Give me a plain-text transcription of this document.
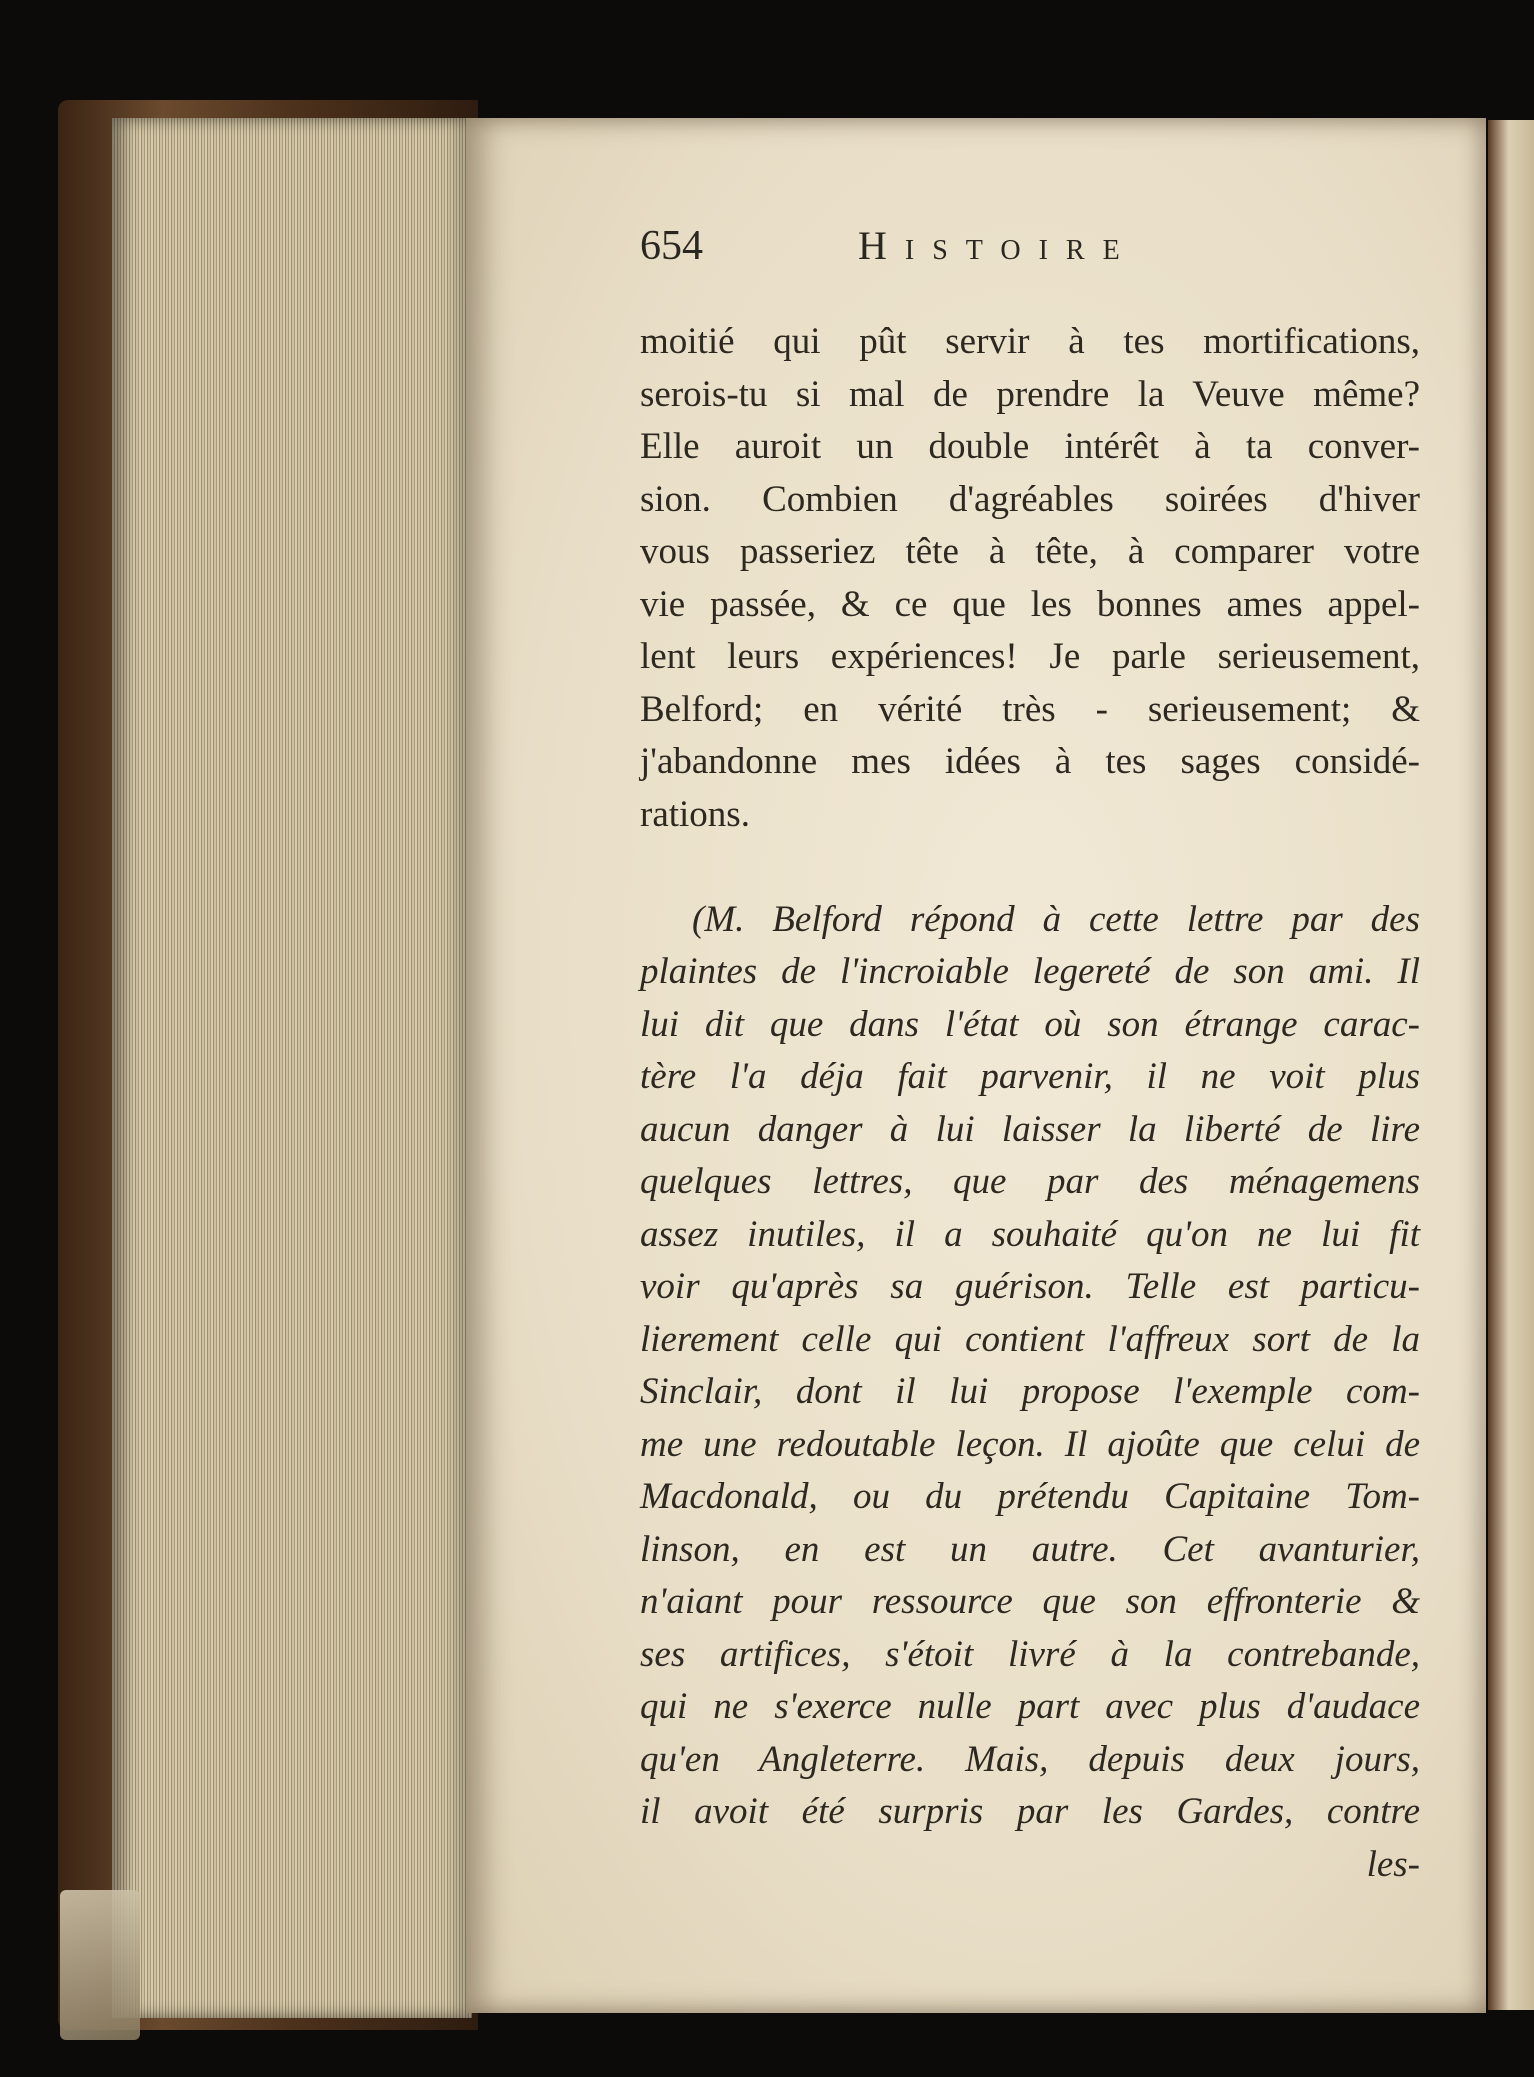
654	Histoire
moitié qui pût servir à tes mortifications,
serois-tu si mal de prendre la Veuve même?
Elle auroit un double intérêt à ta conver-
sion. Combien d'agréables soirées d'hiver
vous passeriez tête à tête, à comparer votre
vie passée, & ce que les bonnes ames appel-
lent leurs expériences! Je parle serieusement,
Belford; en vérité très - serieusement; &
j'abandonne mes idées à tes sages considé-
rations.
(M. Belford répond à cette lettre par des
plaintes de l'incroiable legereté de son ami. Il
lui dit que dans l'état où son étrange carac-
tère l'a déja fait parvenir, il ne voit plus
aucun danger à lui laisser la liberté de lire
quelques lettres, que par des ménagemens
assez inutiles, il a souhaité qu'on ne lui fit
voir qu'après sa guérison. Telle est particu-
lierement celle qui contient l'affreux sort de la
Sinclair, dont il lui propose l'exemple com-
me une redoutable leçon. Il ajoûte que celui de
Macdonald, ou du prétendu Capitaine Tom-
linson, en est un autre. Cet avanturier,
n'aiant pour ressource que son effronterie &
ses artifices, s'étoit livré à la contrebande,
qui ne s'exerce nulle part avec plus d'audace
qu'en Angleterre. Mais, depuis deux jours,
il avoit été surpris par les Gardes, contre
les-
